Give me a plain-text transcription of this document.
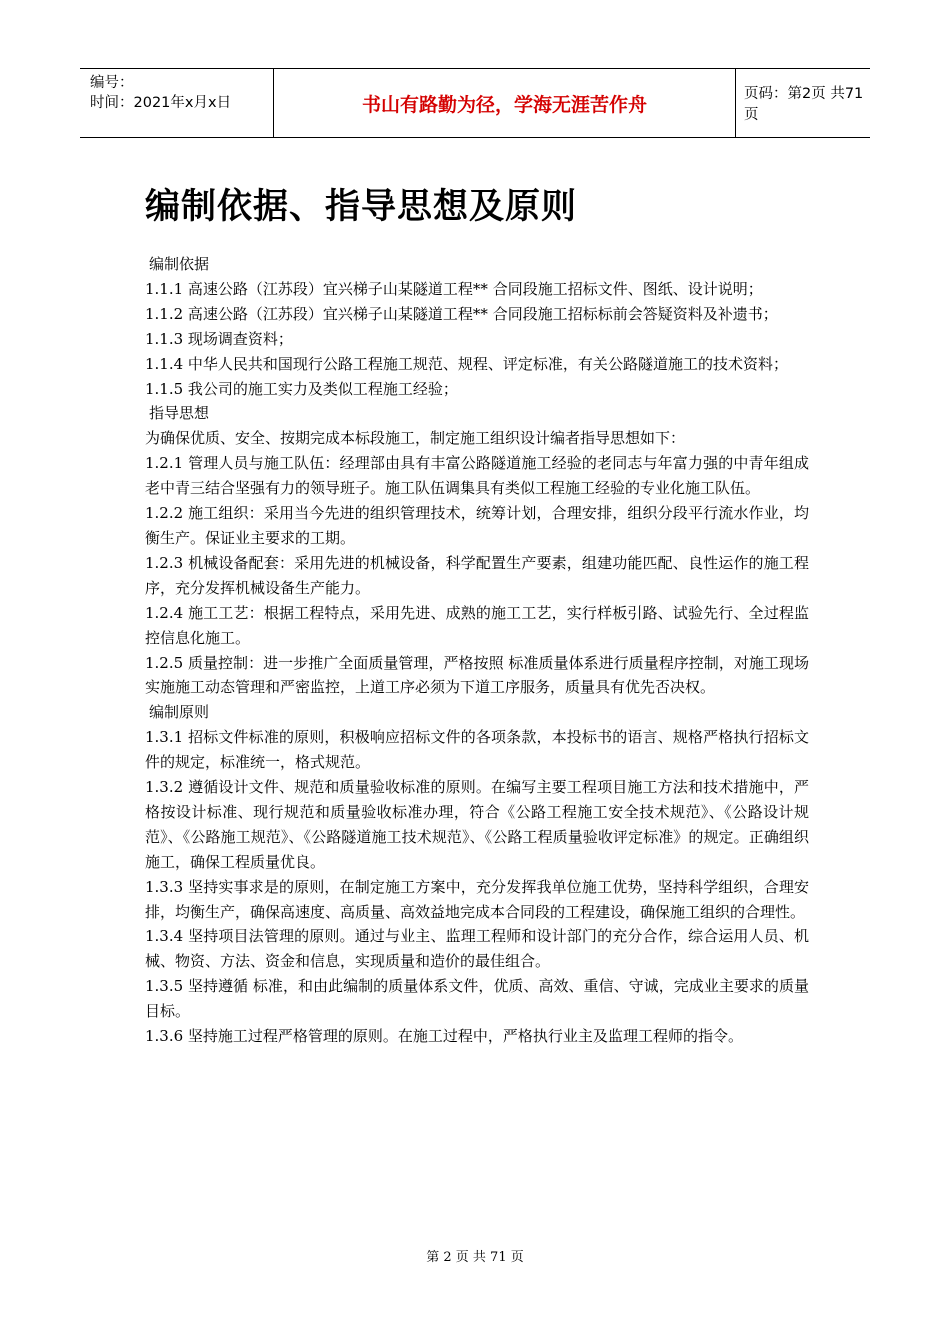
编号：
时间：2021年x月x日	书山有路勤为径，学海无涯苦作舟	页码：第2页 共71页
编制依据、指导思想及原则

编制依据

1.1.1 高速公路（江苏段）宜兴梯子山某隧道工程** 合同段施工招标文件、图纸、设计说明；

1.1.2 高速公路（江苏段）宜兴梯子山某隧道工程** 合同段施工招标标前会答疑资料及补遗书；

1.1.3 现场调查资料；

1.1.4 中华人民共和国现行公路工程施工规范、规程、评定标准，有关公路隧道施工的技术资料；

1.1.5 我公司的施工实力及类似工程施工经验；

指导思想

为确保优质、安全、按期完成本标段施工，制定施工组织设计编者指导思想如下：

1.2.1 管理人员与施工队伍：经理部由具有丰富公路隧道施工经验的老同志与年富力强的中青年组成老中青三结合坚强有力的领导班子。施工队伍调集具有类似工程施工经验的专业化施工队伍。

1.2.2 施工组织：采用当今先进的组织管理技术，统筹计划，合理安排，组织分段平行流水作业，均衡生产。保证业主要求的工期。

1.2.3 机械设备配套：采用先进的机械设备，科学配置生产要素，组建功能匹配、良性运作的施工程序，充分发挥机械设备生产能力。

1.2.4 施工工艺：根据工程特点，采用先进、成熟的施工工艺，实行样板引路、试验先行、全过程监控信息化施工。

1.2.5 质量控制：进一步推广全面质量管理，严格按照 标准质量体系进行质量程序控制，对施工现场实施施工动态管理和严密监控，上道工序必须为下道工序服务，质量具有优先否决权。

编制原则

1.3.1 招标文件标准的原则，积极响应招标文件的各项条款，本投标书的语言、规格严格执行招标文件的规定，标准统一，格式规范。

1.3.2 遵循设计文件、规范和质量验收标准的原则。在编写主要工程项目施工方法和技术措施中，严格按设计标准、现行规范和质量验收标准办理，符合《公路工程施工安全技术规范》、《公路设计规范》、《公路施工规范》、《公路隧道施工技术规范》、《公路工程质量验收评定标准》的规定。正确组织施工，确保工程质量优良。

1.3.3 坚持实事求是的原则，在制定施工方案中，充分发挥我单位施工优势，坚持科学组织，合理安排，均衡生产，确保高速度、高质量、高效益地完成本合同段的工程建设，确保施工组织的合理性。

1.3.4 坚持项目法管理的原则。通过与业主、监理工程师和设计部门的充分合作，综合运用人员、机械、物资、方法、资金和信息，实现质量和造价的最佳组合。

1.3.5 坚持遵循 标准，和由此编制的质量体系文件，优质、高效、重信、守诚，完成业主要求的质量目标。

1.3.6 坚持施工过程严格管理的原则。在施工过程中，严格执行业主及监理工程师的指令。

第 2 页 共 71 页
